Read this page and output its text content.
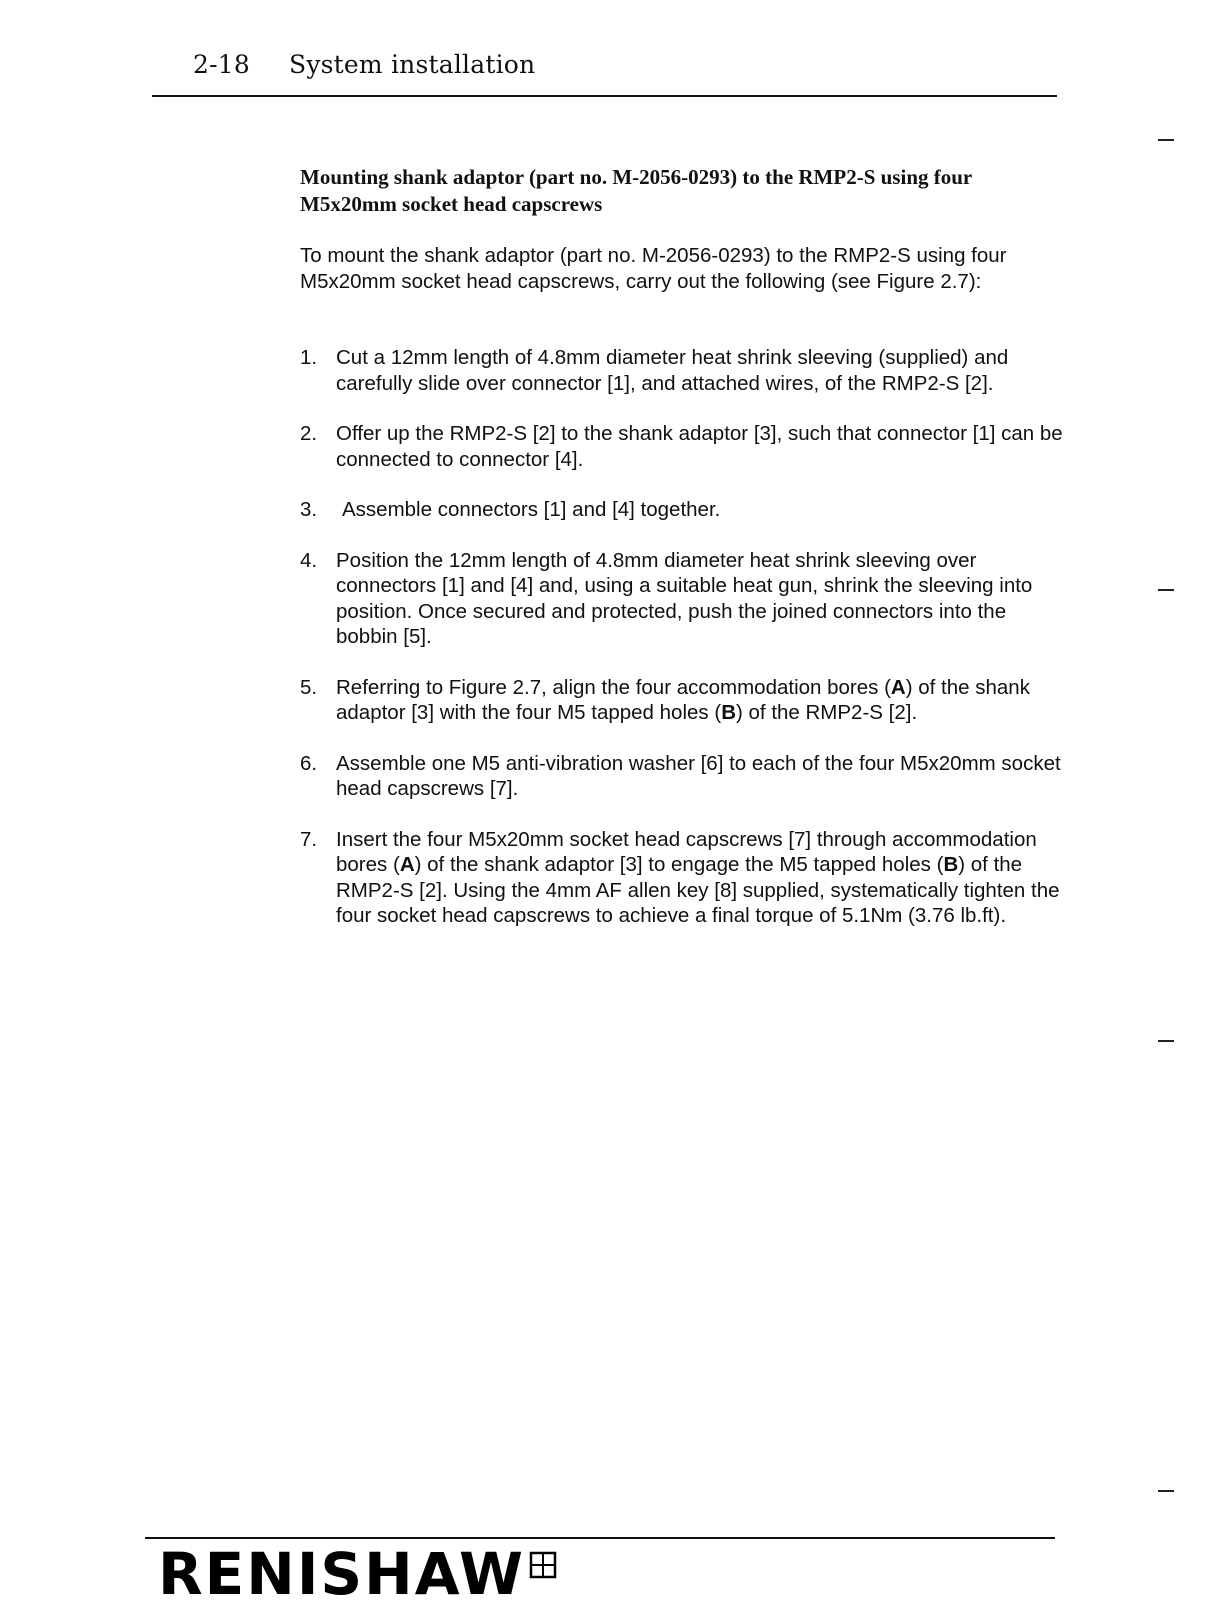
2-18 System installation
Mounting shank adaptor (part no. M-2056-0293) to the RMP2-S using four M5x20mm socket head capscrews
To mount the shank adaptor (part no. M-2056-0293) to the RMP2-S using four M5x20mm socket head capscrews, carry out the following (see Figure 2.7):
1. Cut a 12mm length of 4.8mm diameter heat shrink sleeving (supplied) and carefully slide over connector [1], and attached wires, of the RMP2-S [2].
2. Offer up the RMP2-S [2] to the shank adaptor [3], such that connector [1] can be connected to connector [4].
3. Assemble connectors [1] and [4] together.
4. Position the 12mm length of 4.8mm diameter heat shrink sleeving over connectors [1] and [4] and, using a suitable heat gun, shrink the sleeving into position. Once secured and protected, push the joined connectors into the bobbin [5].
5. Referring to Figure 2.7, align the four accommodation bores (A) of the shank adaptor [3] with the four M5 tapped holes (B) of the RMP2-S [2].
6. Assemble one M5 anti-vibration washer [6] to each of the four M5x20mm socket head capscrews [7].
7. Insert the four M5x20mm socket head capscrews [7] through accommodation bores (A) of the shank adaptor [3] to engage the M5 tapped holes (B) of the RMP2-S [2]. Using the 4mm AF allen key [8] supplied, systematically tighten the four socket head capscrews to achieve a final torque of 5.1Nm (3.76 lb.ft).
RENISHAW
